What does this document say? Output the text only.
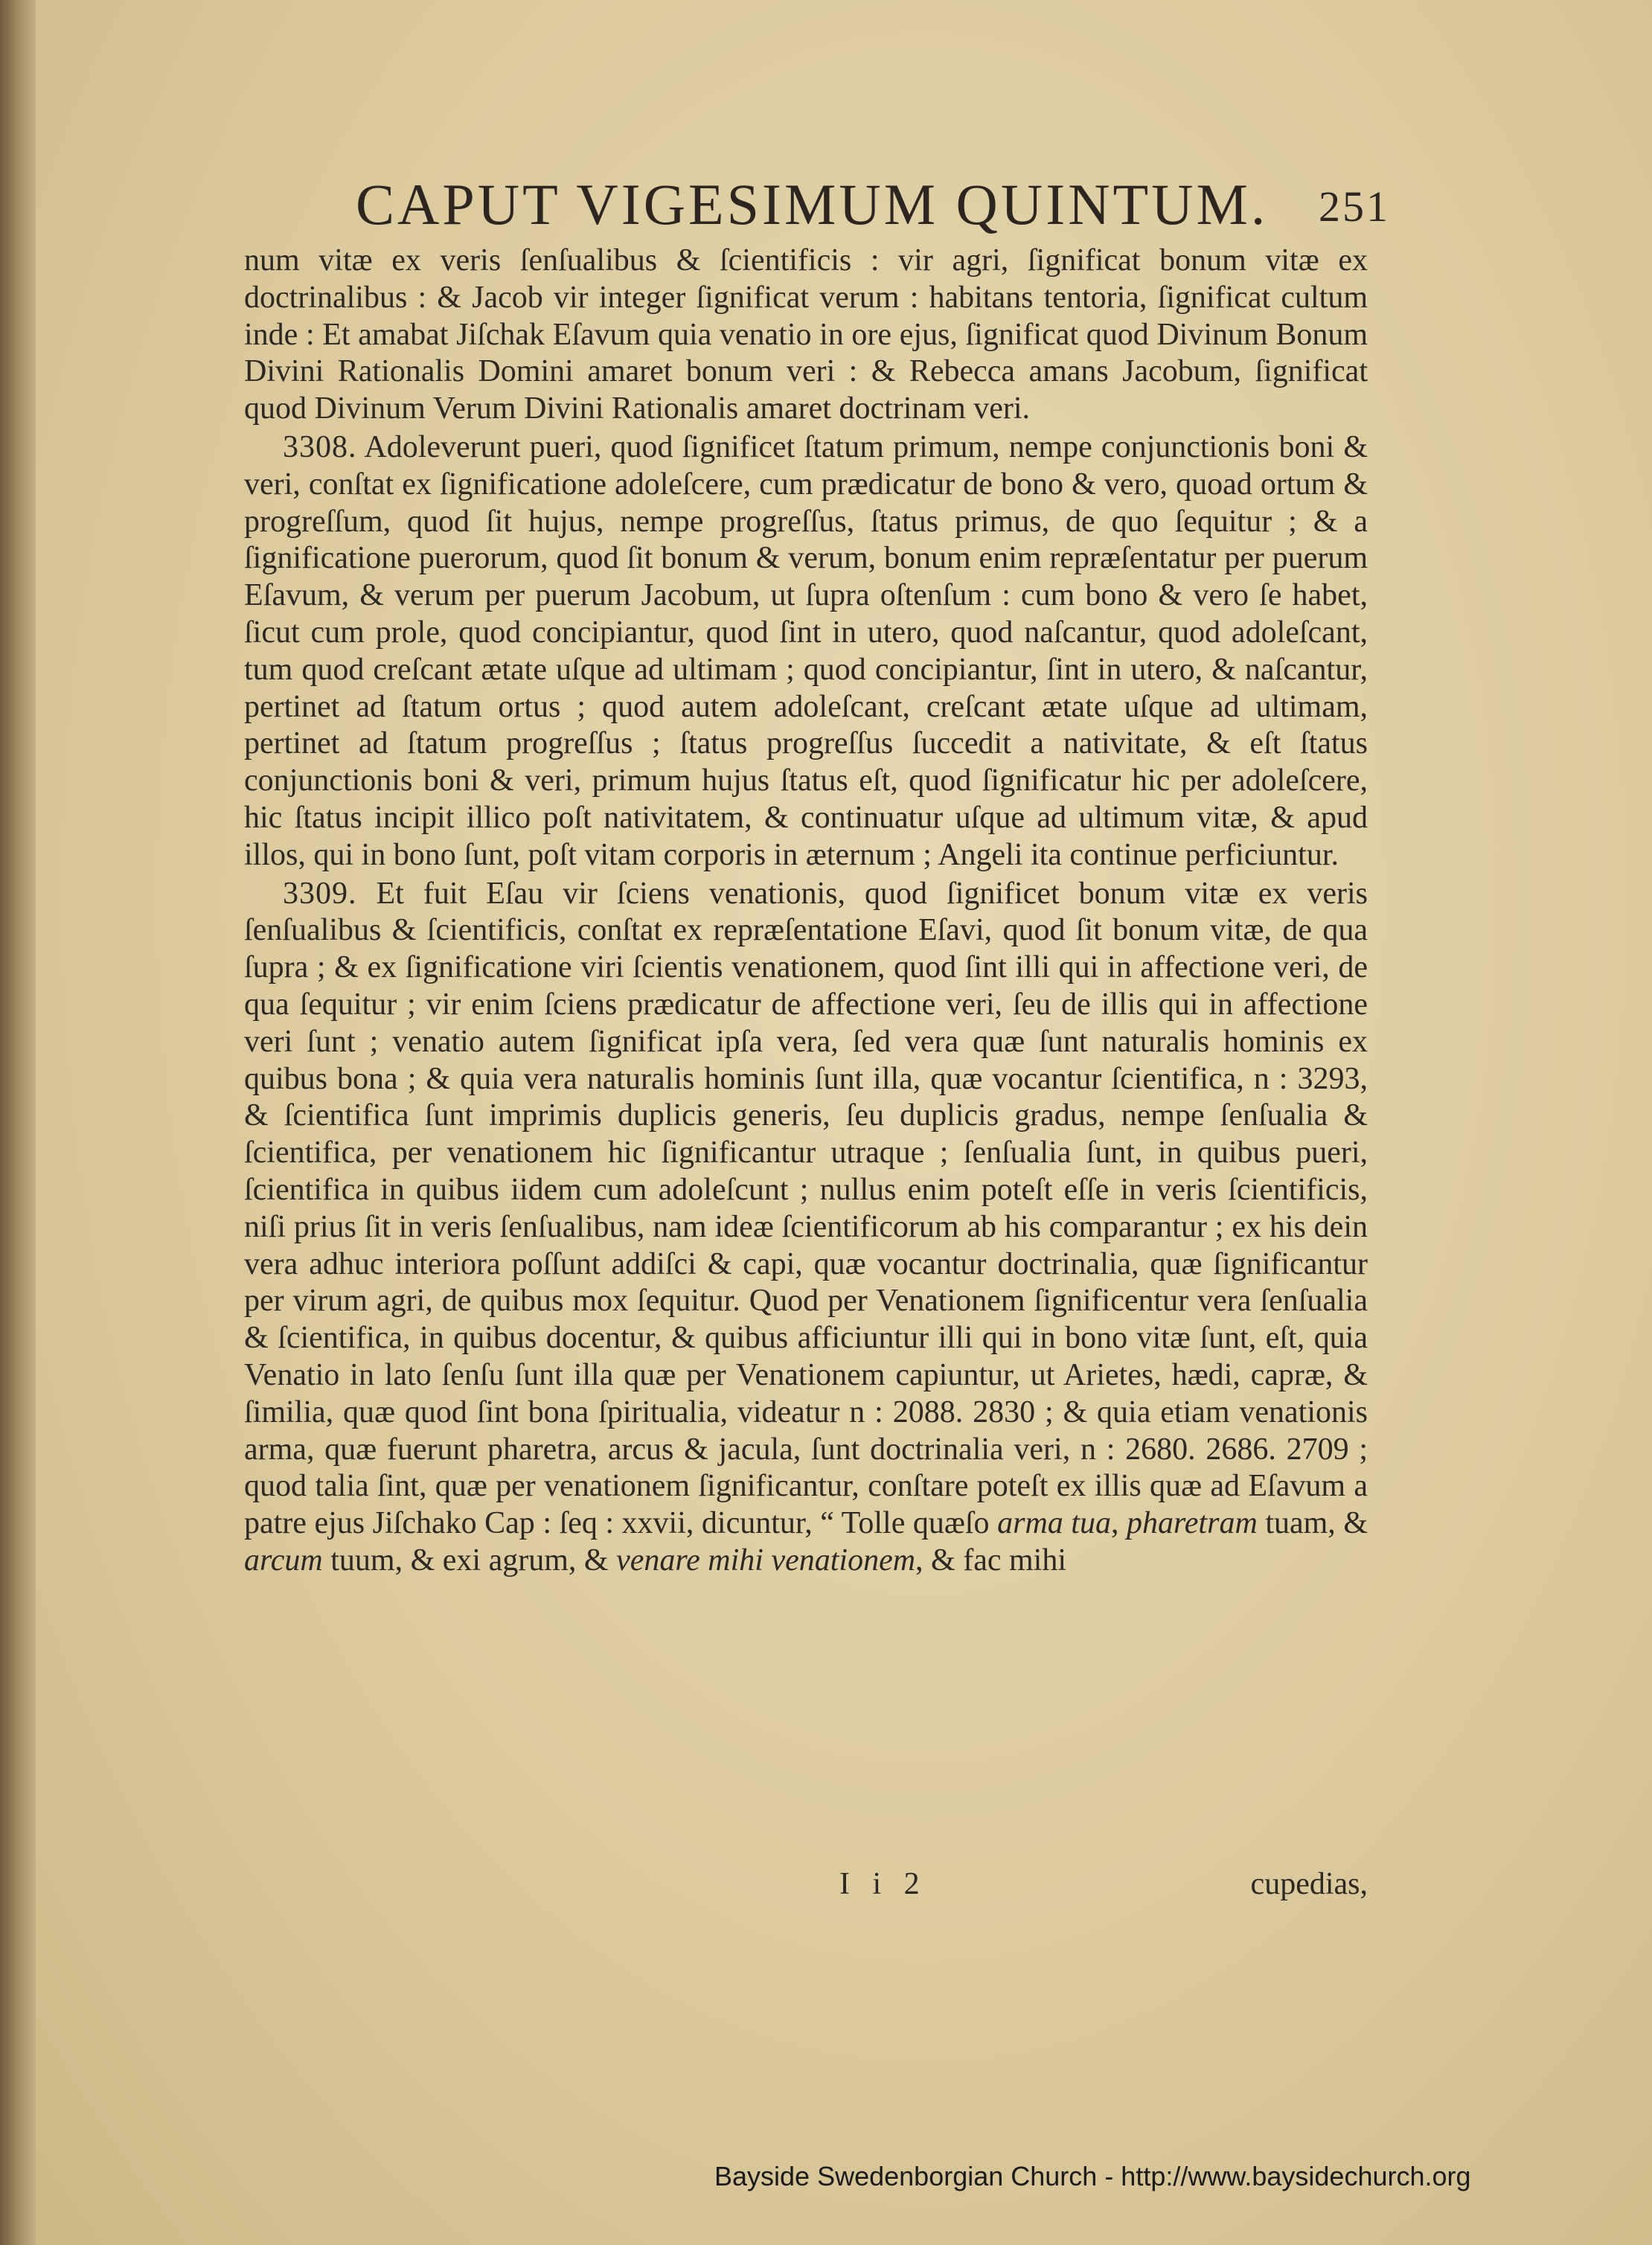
CAPUT VIGESIMUM QUINTUM. 251

num vitæ ex veris ſenſualibus & ſcientificis : vir agri, ſignificat bonum vitæ ex doctrinalibus : & Jacob vir integer ſignificat verum : habitans tentoria, ſignificat cultum inde : Et amabat Jiſchak Eſavum quia venatio in ore ejus, ſignificat quod Divinum Bonum Divini Rationalis Domini amaret bonum veri : & Rebecca amans Jacobum, ſignificat quod Divinum Verum Divini Rationalis amaret doctrinam veri.

3308. Adoleverunt pueri, quod ſignificet ſtatum primum, nempe conjunctionis boni & veri, conſtat ex ſignificatione adoleſcere, cum prædicatur de bono & vero, quoad ortum & progreſſum, quod ſit hujus, nempe progreſſus, ſtatus primus, de quo ſequitur ; & a ſignificatione puerorum, quod ſit bonum & verum, bonum enim repræſentatur per puerum Eſavum, & verum per puerum Jacobum, ut ſupra oſtenſum : cum bono & vero ſe habet, ſicut cum prole, quod concipiantur, quod ſint in utero, quod naſcantur, quod adoleſcant, tum quod creſcant ætate uſque ad ultimam ; quod concipiantur, ſint in utero, & naſcantur, pertinet ad ſtatum ortus ; quod autem adoleſcant, creſcant ætate uſque ad ultimam, pertinet ad ſtatum progreſſus ; ſtatus progreſſus ſuccedit a nativitate, & eſt ſtatus conjunctionis boni & veri, primum hujus ſtatus eſt, quod ſignificatur hic per adoleſcere, hic ſtatus incipit illico poſt nativitatem, & continuatur uſque ad ultimum vitæ, & apud illos, qui in bono ſunt, poſt vitam corporis in æternum ; Angeli ita continue perficiuntur.

3309. Et fuit Eſau vir ſciens venationis, quod ſignificet bonum vitæ ex veris ſenſualibus & ſcientificis, conſtat ex repræſentatione Eſavi, quod ſit bonum vitæ, de qua ſupra ; & ex ſignificatione viri ſcientis venationem, quod ſint illi qui in affectione veri, de qua ſequitur ; vir enim ſciens prædicatur de affectione veri, ſeu de illis qui in affectione veri ſunt ; venatio autem ſignificat ipſa vera, ſed vera quæ ſunt naturalis hominis ex quibus bona ; & quia vera naturalis hominis ſunt illa, quæ vocantur ſcientifica, n : 3293, & ſcientifica ſunt imprimis duplicis generis, ſeu duplicis gradus, nempe ſenſualia & ſcientifica, per venationem hic ſignificantur utraque ; ſenſualia ſunt, in quibus pueri, ſcientifica in quibus iidem cum adoleſcunt ; nullus enim poteſt eſſe in veris ſcientificis, niſi prius ſit in veris ſenſualibus, nam ideæ ſcientificorum ab his comparantur ; ex his dein vera adhuc interiora poſſunt addiſci & capi, quæ vocantur doctrinalia, quæ ſignificantur per virum agri, de quibus mox ſequitur. Quod per Venationem ſignificentur vera ſenſualia & ſcientifica, in quibus docentur, & quibus afficiuntur illi qui in bono vitæ ſunt, eſt, quia Venatio in lato ſenſu ſunt illa quæ per Venationem capiuntur, ut Arietes, hædi, capræ, & ſimilia, quæ quod ſint bona ſpiritualia, videatur n : 2088. 2830 ; & quia etiam venationis arma, quæ fuerunt pharetra, arcus & jacula, ſunt doctrinalia veri, n : 2680. 2686. 2709 ; quod talia ſint, quæ per venationem ſignificantur, conſtare poteſt ex illis quæ ad Eſavum a patre ejus Jiſchako Cap : ſeq : xxvii, dicuntur, “ Tolle quæſo arma tua, pharetram tuam, & arcum tuum, & exi agrum, & venare mihi venationem, & fac mihi

I i 2	cupedias,
Bayside Swedenborgian Church - http://www.baysidechurch.org
